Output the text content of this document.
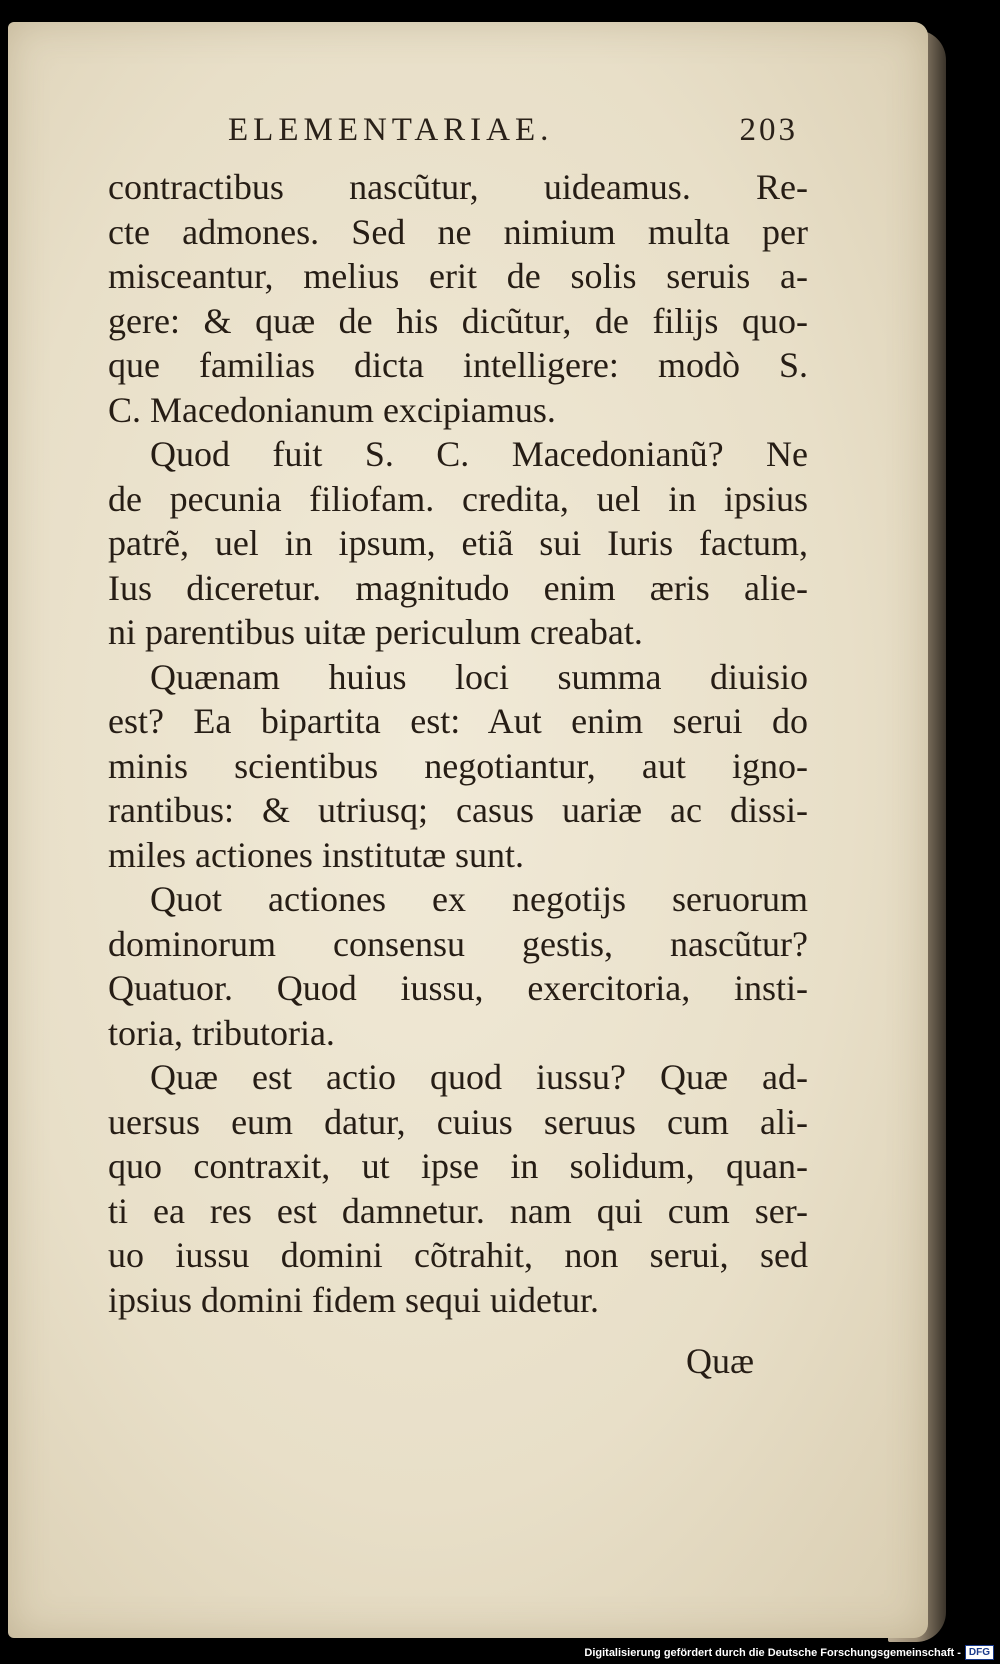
ELEMENTARIAE.	203
contractibus nascũtur, uideamus. Re-
cte admones. Sed ne nimium multa per
misceantur, melius erit de solis seruis a-
gere: & quæ de his dicũtur, de filijs quo-
que familias dicta intelligere: modò S.
C. Macedonianum excipiamus.
Quod fuit S. C. Macedonianũ? Ne
de pecunia filiofam. credita, uel in ipsius
patrẽ, uel in ipsum, etiã sui Iuris factum,
Ius diceretur. magnitudo enim æris alie-
ni parentibus uitæ periculum creabat.
Quænam huius loci summa diuisio
est? Ea bipartita est: Aut enim serui do
minis scientibus negotiantur, aut igno-
rantibus: & utriusq; casus uariæ ac dissi-
miles actiones institutæ sunt.
Quot actiones ex negotijs seruorum
dominorum consensu gestis, nascũtur?
Quatuor. Quod iussu, exercitoria, insti-
toria, tributoria.
Quæ est actio quod iussu? Quæ ad-
uersus eum datur, cuius seruus cum ali-
quo contraxit, ut ipse in solidum, quan-
ti ea res est damnetur. nam qui cum ser-
uo iussu domini cõtrahit, non serui, sed
ipsius domini fidem sequi uidetur.
Quæ
Digitalisierung gefördert durch die Deutsche Forschungsgemeinschaft - DFG
